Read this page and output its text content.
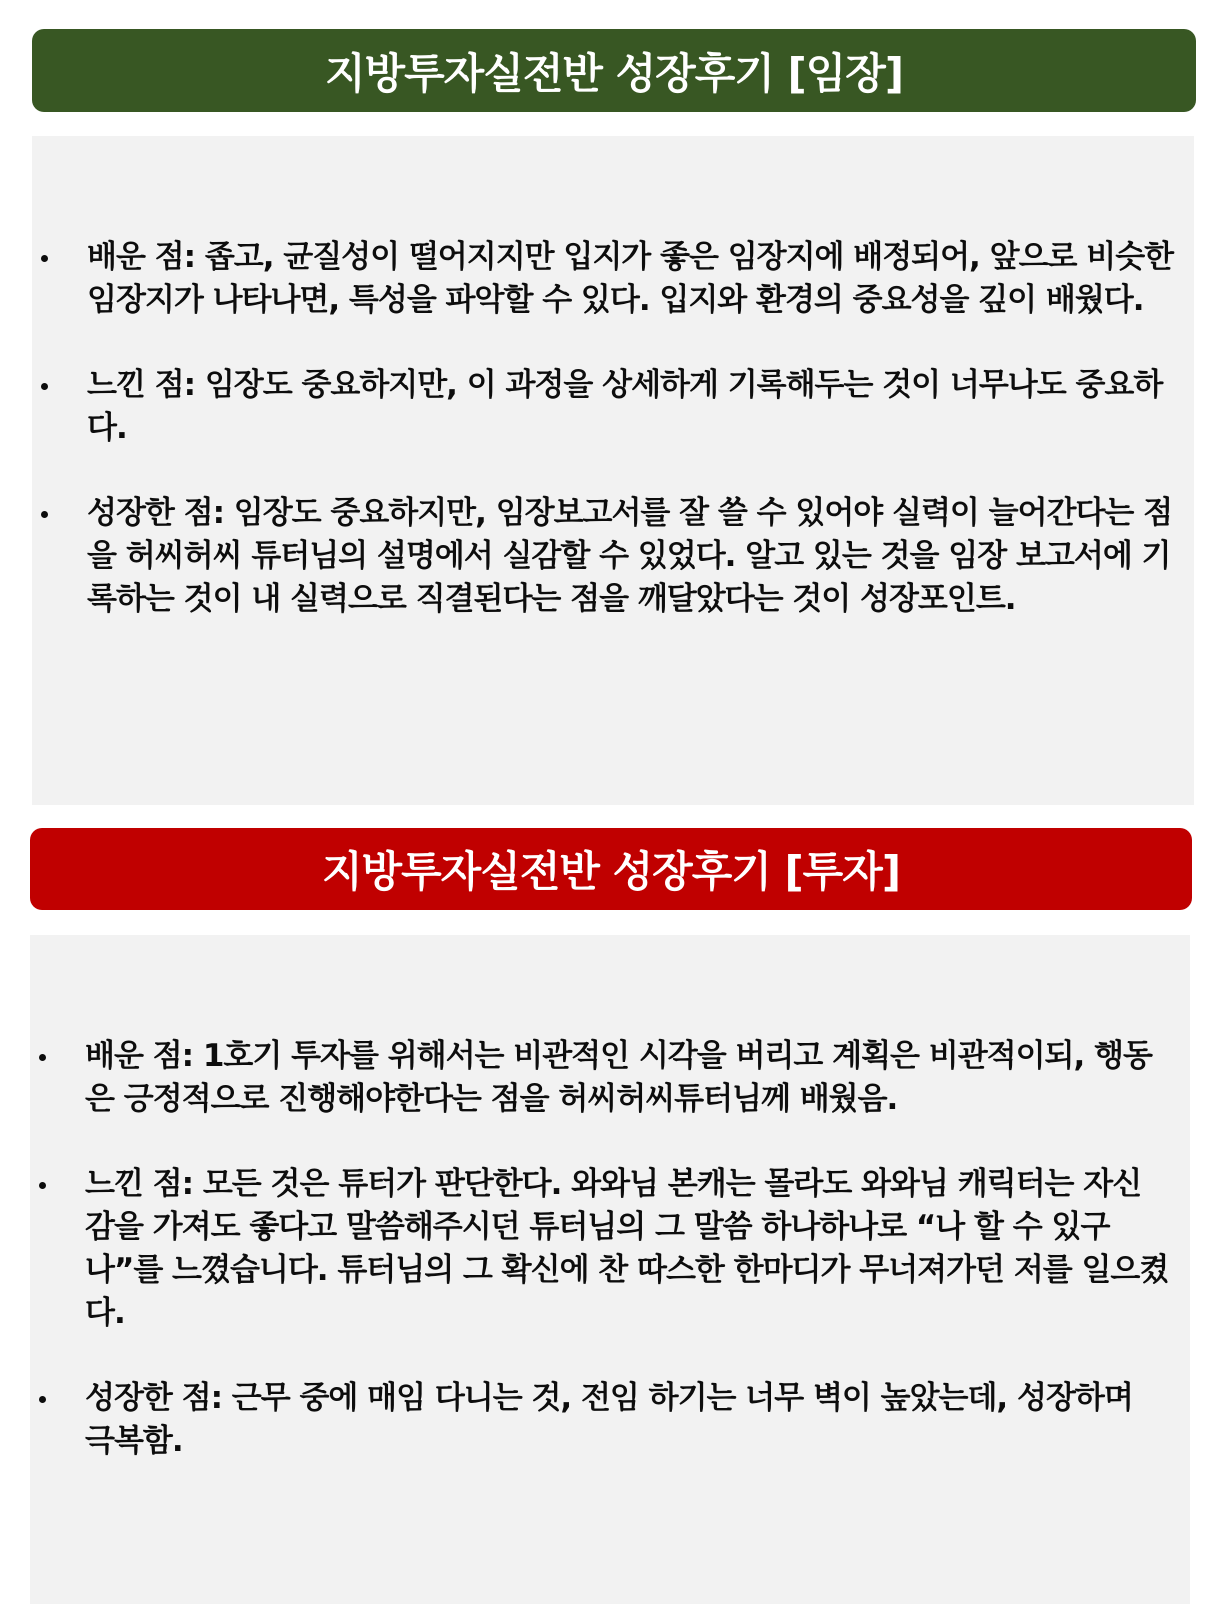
지방투자실전반 성장후기 [임장]
배운 점: 좁고, 균질성이 떨어지지만 입지가 좋은 임장지에 배정되어, 앞으로 비슷한 임장지가 나타나면, 특성을 파악할 수 있다. 입지와 환경의 중요성을 깊이 배웠다.
느낀 점: 임장도 중요하지만, 이 과정을 상세하게 기록해두는 것이 너무나도 중요하다.
성장한 점: 임장도 중요하지만, 임장보고서를 잘 쓸 수 있어야 실력이 늘어간다는 점을 허씨허씨 튜터님의 설명에서 실감할 수 있었다. 알고 있는 것을 임장 보고서에 기록하는 것이 내 실력으로 직결된다는 점을 깨달았다는 것이 성장포인트.
지방투자실전반 성장후기 [투자]
배운 점: 1호기 투자를 위해서는 비관적인 시각을 버리고 계획은 비관적이되, 행동은 긍정적으로 진행해야한다는 점을 허씨허씨튜터님께 배웠음.
느낀 점: 모든 것은 튜터가 판단한다. 와와님 본캐는 몰라도 와와님 캐릭터는 자신감을 가져도 좋다고 말씀해주시던 튜터님의 그 말씀 하나하나로 “나 할 수 있구나”를 느꼈습니다. 튜터님의 그 확신에 찬 따스한 한마디가 무너져가던 저를 일으켰다.
성장한 점: 근무 중에 매임 다니는 것, 전임 하기는 너무 벽이 높았는데, 성장하며 극복함.
